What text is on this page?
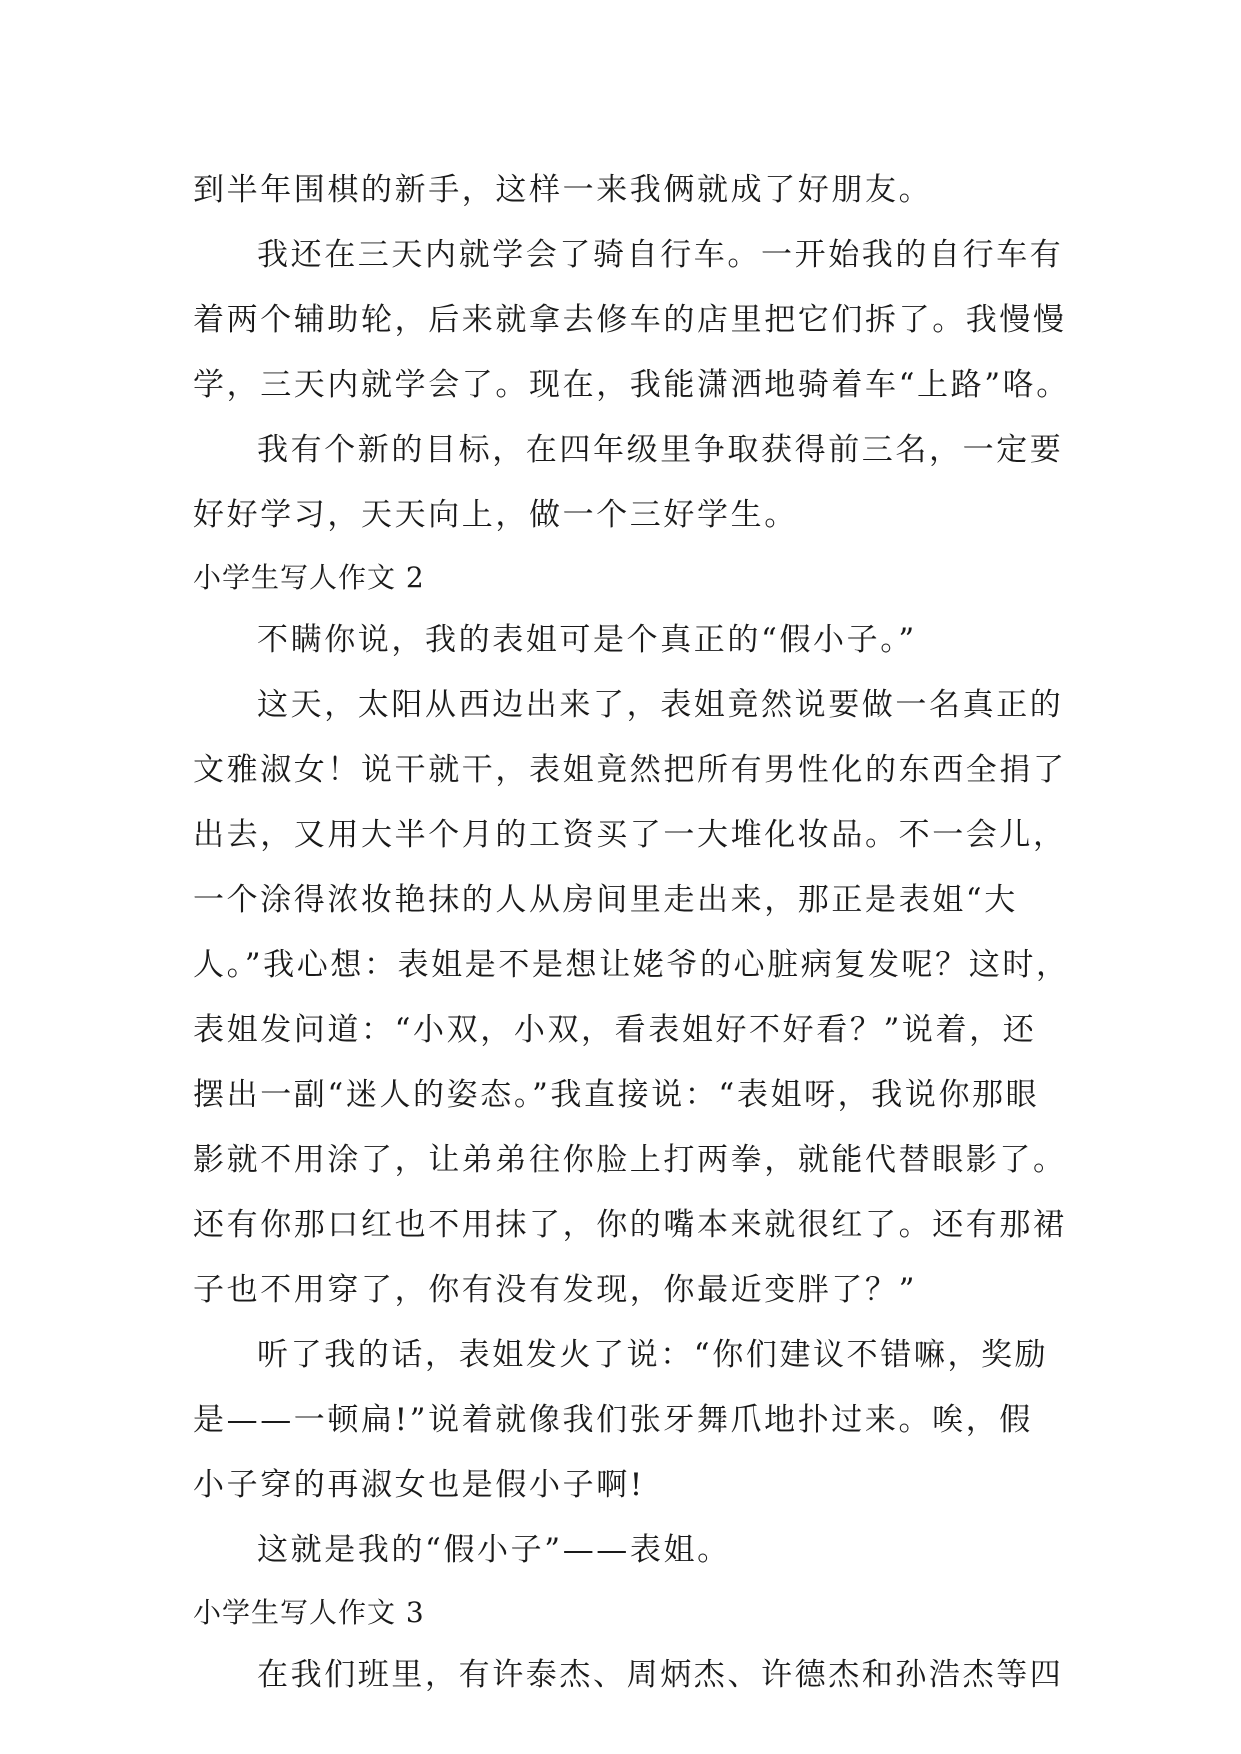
到半年围棋的新手，这样一来我俩就成了好朋友。
我还在三天内就学会了骑自行车。一开始我的自行车有
着两个辅助轮，后来就拿去修车的店里把它们拆了。我慢慢
学，三天内就学会了。现在，我能潇洒地骑着车“上路”咯。
我有个新的目标，在四年级里争取获得前三名，一定要
好好学习，天天向上，做一个三好学生。
小学生写人作文 2
不瞒你说，我的表姐可是个真正的“假小子。”
这天，太阳从西边出来了，表姐竟然说要做一名真正的
文雅淑女！说干就干，表姐竟然把所有男性化的东西全捐了
出去，又用大半个月的工资买了一大堆化妆品。不一会儿，
一个涂得浓妆艳抹的人从房间里走出来，那正是表姐“大
人。”我心想：表姐是不是想让姥爷的心脏病复发呢？这时，
表姐发问道：“小双，小双，看表姐好不好看？”说着，还
摆出一副“迷人的姿态。”我直接说：“表姐呀，我说你那眼
影就不用涂了，让弟弟往你脸上打两拳，就能代替眼影了。
还有你那口红也不用抹了，你的嘴本来就很红了。还有那裙
子也不用穿了，你有没有发现，你最近变胖了？”
听了我的话，表姐发火了说：“你们建议不错嘛，奖励
是——一顿扁!”说着就像我们张牙舞爪地扑过来。唉，假
小子穿的再淑女也是假小子啊!
这就是我的“假小子”——表姐。
小学生写人作文 3
在我们班里，有许泰杰、周炳杰、许德杰和孙浩杰等四
